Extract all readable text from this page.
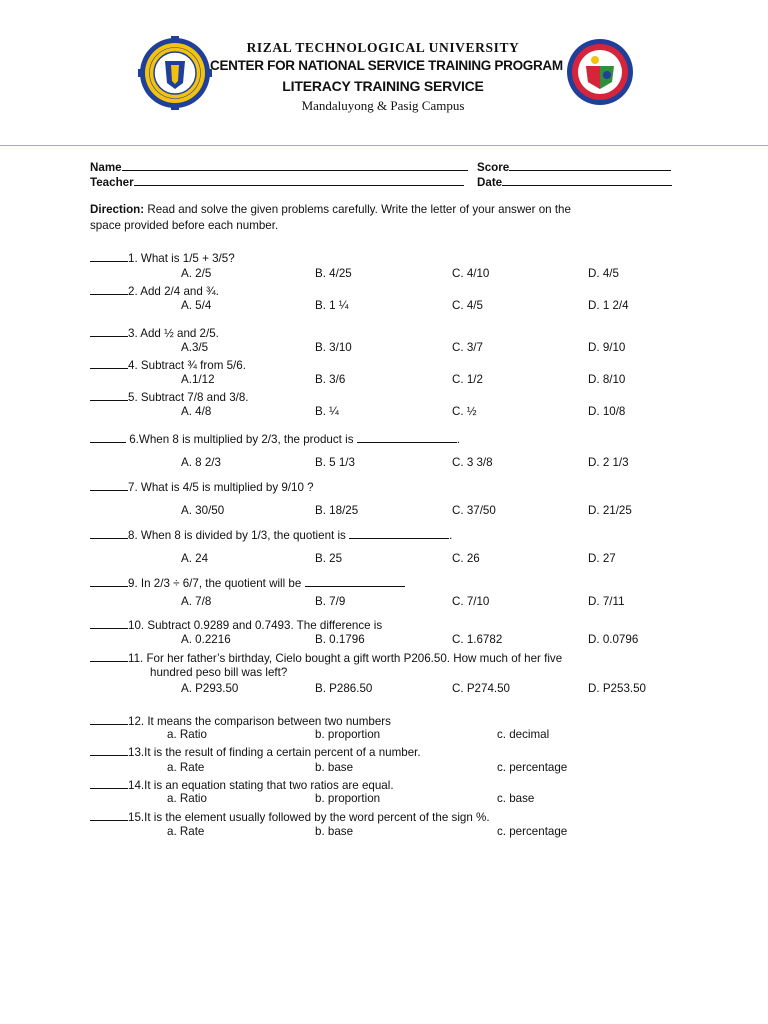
RIZAL TECHNOLOGICAL UNIVERSITY
CENTER FOR NATIONAL SERVICE TRAINING PROGRAM
LITERACY TRAINING SERVICE
Mandaluyong & Pasig Campus
Name	Score
Teacher	Date
Direction: Read and solve the given problems carefully. Write the letter of your answer on the
space provided before each number.
1. What is 1/5 + 3/5?
A. 2/5	B. 4/25	C. 4/10	D. 4/5
2. Add 2/4 and ¾.
A. 5/4	B. 1 ¼	C. 4/5	D. 1 2/4
3. Add ½ and 2/5.
A.3/5	B. 3/10	C. 3/7	D. 9/10
4. Subtract ¾ from 5/6.
A.1/12	B. 3/6	C. 1/2	D. 8/10
5. Subtract 7/8 and 3/8.
A. 4/8	B. ¼	C. ½	D. 10/8
6.When 8 is multiplied by 2/3, the product is	.
A. 8 2/3	B. 5 1/3	C. 3 3/8	D. 2 1/3
7. What is 4/5 is multiplied by 9/10 ?
A. 30/50	B. 18/25	C. 37/50	D. 21/25
8. When 8 is divided by 1/3, the quotient is	.
A. 24	B. 25	C. 26	D. 27
9. In 2/3 ÷ 6/7, the quotient will be
A. 7/8	B. 7/9	C. 7/10	D. 7/11
10. Subtract 0.9289 and 0.7493. The difference is
A. 0.2216	B. 0.1796	C. 1.6782	D. 0.0796
11. For her father’s birthday, Cielo bought a gift worth P206.50. How much of her five
hundred peso bill was left?
A. P293.50	B. P286.50	C. P274.50	D. P253.50
12. It means the comparison between two numbers
a. Ratio	b. proportion	c. decimal
13.It is the result of finding a certain percent of a number.
a. Rate	b. base	c. percentage
14.It is an equation stating that two ratios are equal.
a. Ratio	b. proportion	c. base
15.It is the element usually followed by the word percent of the sign %.
a. Rate	b. base	c. percentage
